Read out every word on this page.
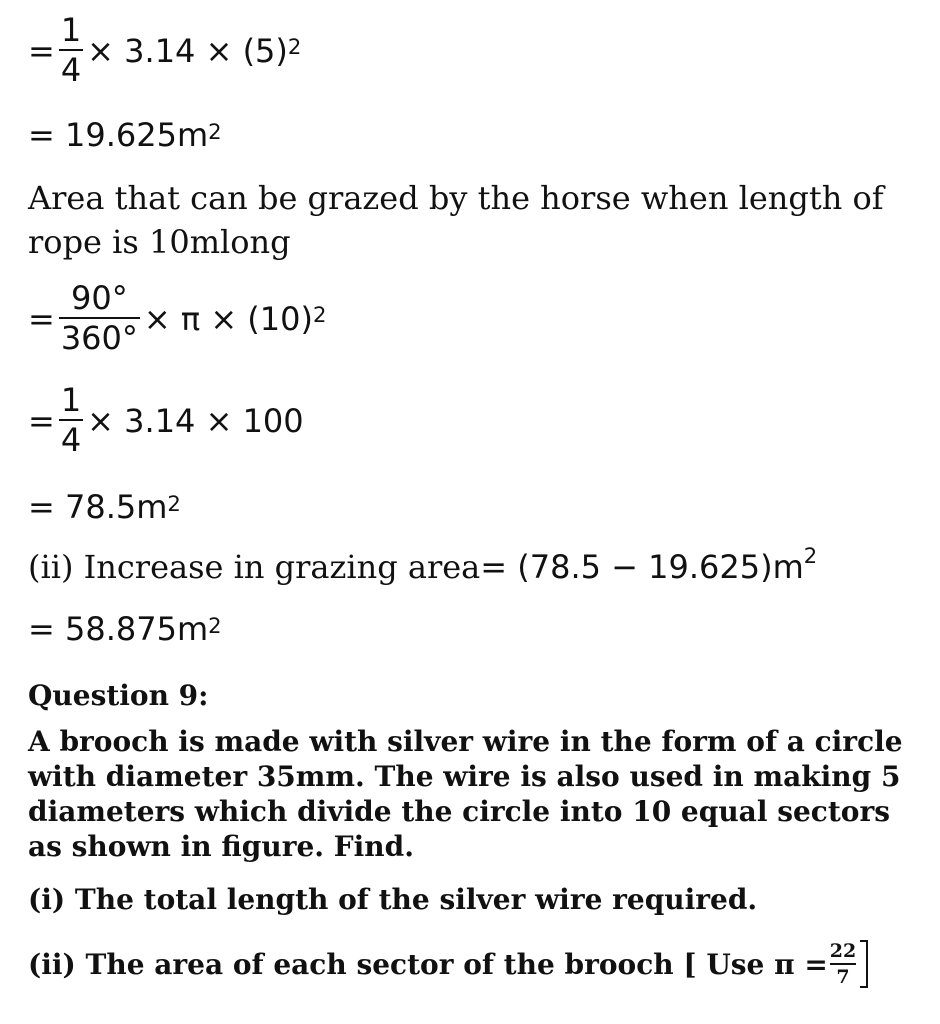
= $\frac{1}{4} \times 3.14 \times (5)^2$
= $19.625m^2$
Area that can be grazed by the horse when length of rope is 10mlong
= $\frac{90^\circ}{360^\circ} \times \pi \times (10)^2$
= $\frac{1}{4} \times 3.14 \times 100$
= $78.5m^2$
(ii) Increase in grazing area = $(78.5 - 19.625)m^2$
= $58.875m^2$
Question 9:
A brooch is made with silver wire in the form of a circle with diameter 35mm. The wire is also used in making 5 diameters which divide the circle into 10 equal sectors as shown in figure. Find.
(i) The total length of the silver wire required.
(ii) The area of each sector of the brooch [ Use $\pi = \frac{22}{7}$
